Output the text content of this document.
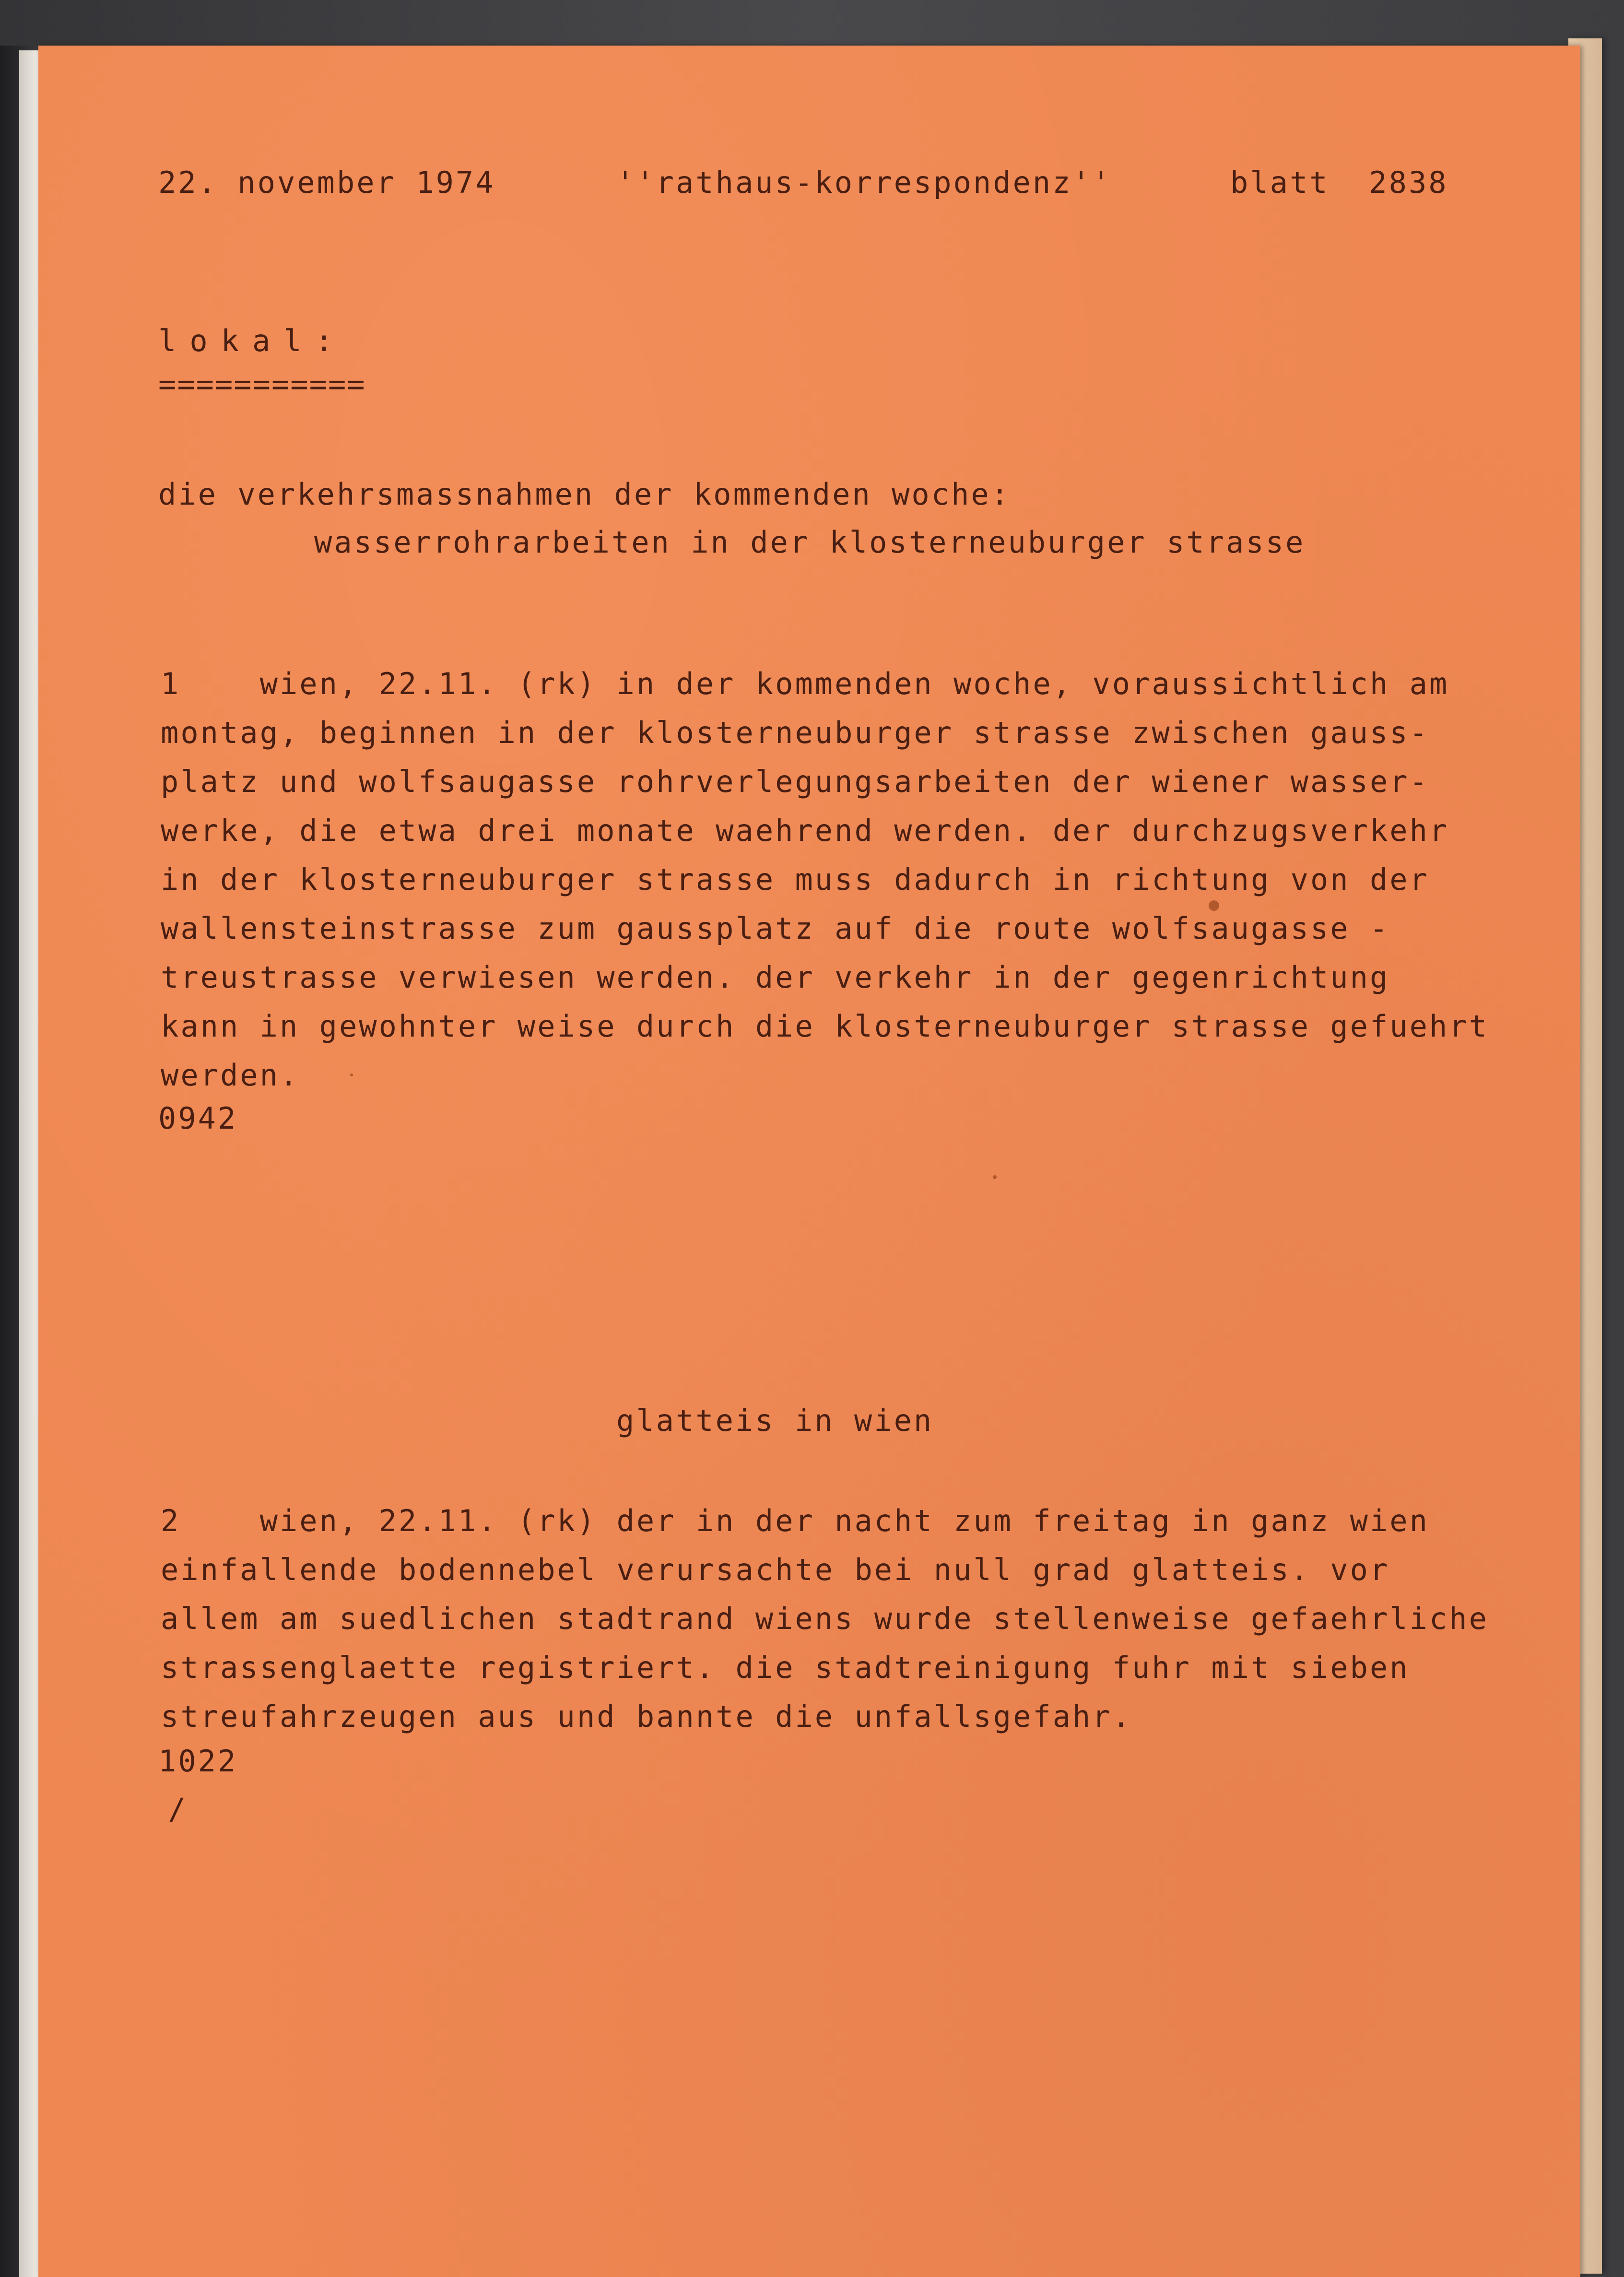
22. november 1974	''rathaus-korrespondenz''	blatt  2838
lokal:
===========
die verkehrsmassnahmen der kommenden woche:
wasserrohrarbeiten in der klosterneuburger strasse
1    wien, 22.11. (rk) in der kommenden woche, voraussichtlich am
montag, beginnen in der klosterneuburger strasse zwischen gauss-
platz und wolfsaugasse rohrverlegungsarbeiten der wiener wasser-
werke, die etwa drei monate waehrend werden. der durchzugsverkehr
in der klosterneuburger strasse muss dadurch in richtung von der
wallensteinstrasse zum gaussplatz auf die route wolfsaugasse -
treustrasse verwiesen werden. der verkehr in der gegenrichtung
kann in gewohnter weise durch die klosterneuburger strasse gefuehrt
werden.
0942
glatteis in wien
2    wien, 22.11. (rk) der in der nacht zum freitag in ganz wien
einfallende bodennebel verursachte bei null grad glatteis. vor
allem am suedlichen stadtrand wiens wurde stellenweise gefaehrliche
strassenglaette registriert. die stadtreinigung fuhr mit sieben
streufahrzeugen aus und bannte die unfallsgefahr.
1022
/
